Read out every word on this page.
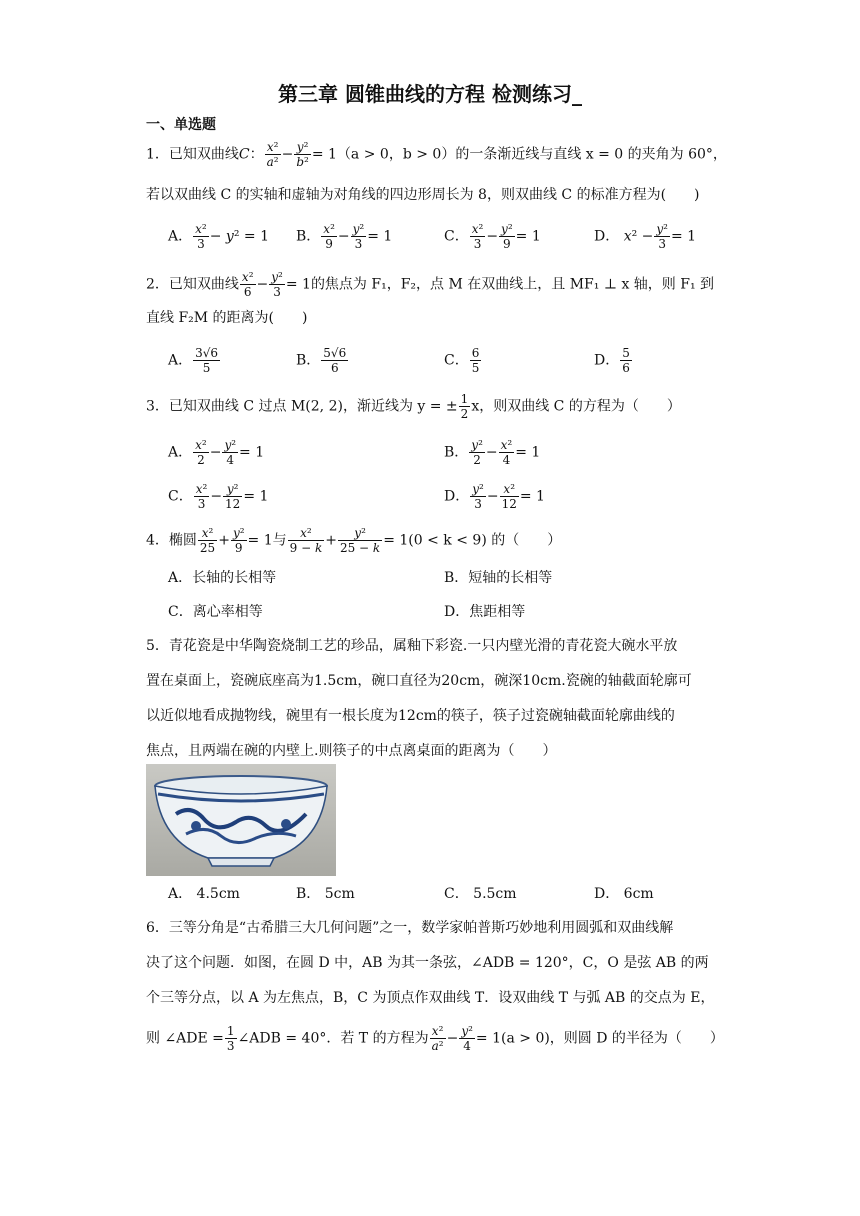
第三章 圆锥曲线的方程 检测练习_
一、单选题
1．已知双曲线C： $\frac{\text{x²}}{\text{a²}} - \frac{\text{y²}}{\text{b²}} = 1(a > 0$，b > 0）的一条渐近线与直线 x = 0 的夹角为 60°，
若以双曲线 C 的实轴和虚轴为对角线的四边形周长为 8，则双曲线 C 的标准方程为(　　)
A． $\frac{\text{x²}}{3} - y^2 = 1$ B． $\frac{\text{x²}}{9} - \frac{\text{y²}}{3} = 1$	C． $\frac{\text{x²}}{3} - \frac{\text{y²}}{9} = 1$	D． $x^2 - \frac{\text{y²}}{3} = 1$
2．已知双曲线 $\frac{\text{x²}}{6} - \frac{\text{y²}}{3} = 1$的焦点为 F₁，F₂，点 M 在双曲线上，且 MF₁ ⊥ x 轴，则 F₁ 到
直线 F₂M 的距离为(　　)
A． $\frac{3√6}{5}$	B． $\frac{5√6}{6}$	C． $\frac{6}{5}$	D． $\frac{5}{6}$
3．已知双曲线 C 过点 M(2, 2)，渐近线为 y = ± $\frac{1}{2}$ x，则双曲线 C 的方程为（　　）
A． $\frac{\text{x²}}{2} - \frac{\text{y²}}{4} = 1$	B． $\frac{\text{y²}}{2} - \frac{\text{x²}}{4} = 1$
C． $\frac{\text{x²}}{3} - \frac{\text{y²}}{12} = 1$	D． $\frac{\text{y²}}{3} - \frac{\text{x²}}{12} = 1$
4．椭圆 $\frac{\text{x²}}{25} + \frac{\text{y²}}{9} = 1$与 $\frac{\text{x²}}{9 - k} + \frac{\text{y²}}{25 - k} = 1(0 < k < 9)$ 的（　　）
A．长轴的长相等	B．短轴的长相等
C．离心率相等	D．焦距相等
5．青花瓷是中华陶瓷烧制工艺的珍品，属釉下彩瓷.一只内壁光滑的青花瓷大碗水平放
置在桌面上，瓷碗底座高为1.5cm，碗口直径为20cm，碗深10cm.瓷碗的轴截面轮廓可
以近似地看成抛物线，碗里有一根长度为12cm的筷子，筷子过瓷碗轴截面轮廓曲线的
焦点，且两端在碗的内壁上.则筷子的中点离桌面的距离为（　　）
A． 4.5cm	B． 5cm	C． 5.5cm	D． 6cm
6．三等分角是“古希腊三大几何问题”之一，数学家帕普斯巧妙地利用圆弧和双曲线解
决了这个问题．如图，在圆 D 中，AB 为其一条弦，∠ADB = 120°，C，O 是弦 AB 的两
个三等分点，以 A 为左焦点，B，C 为顶点作双曲线 T．设双曲线 T 与弧 AB 的交点为 E，
则 ∠ADE = $\frac{1}{3}$ ∠ADB = 40°．若 T 的方程为 $\frac{\text{x²}}{\text{a²}} - \frac{\text{y²}}{4} = 1(a > 0)$，则圆 D 的半径为（　　）
